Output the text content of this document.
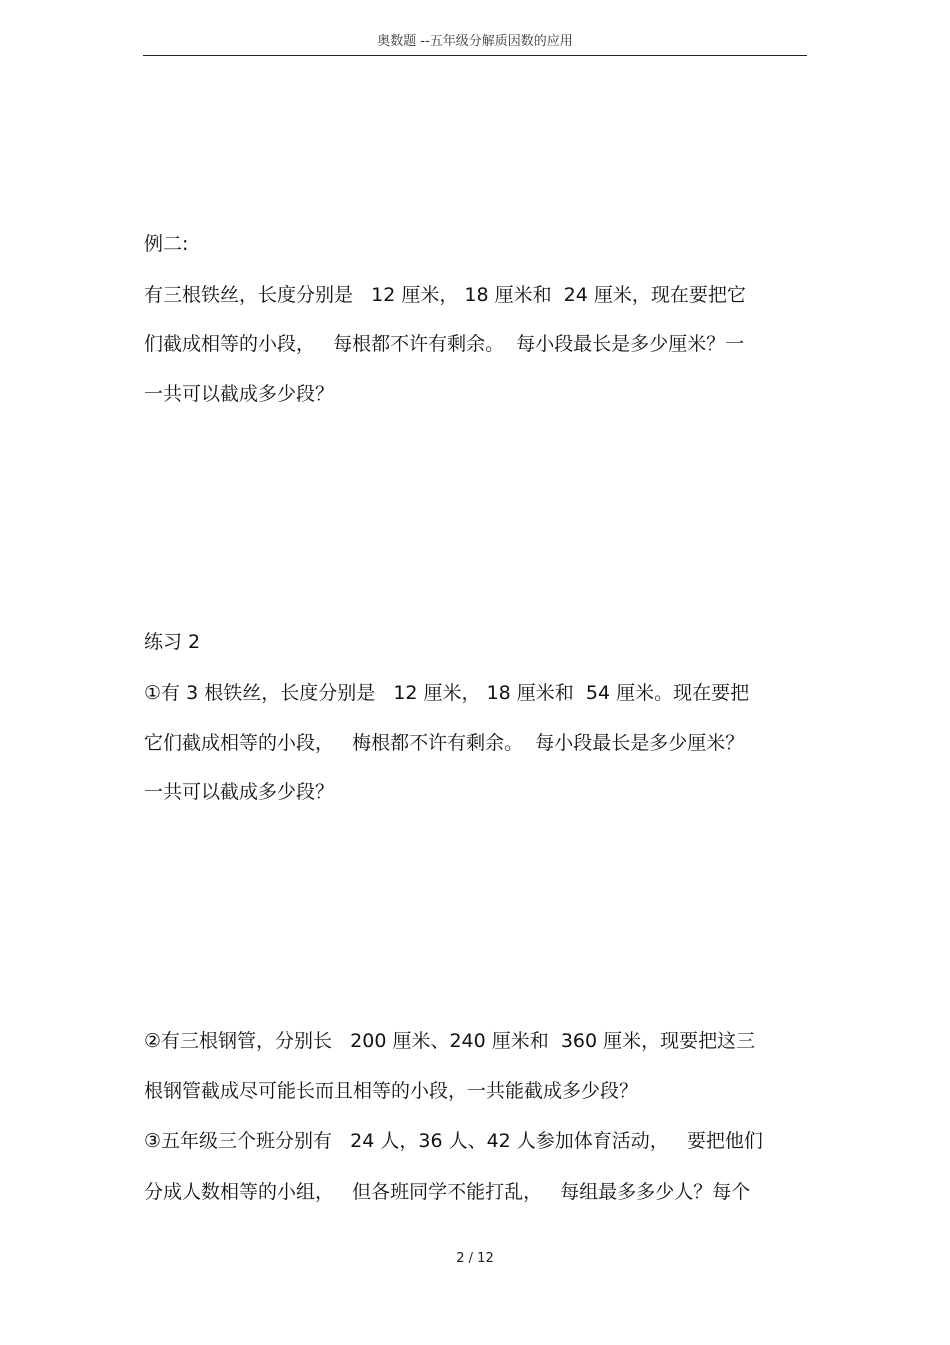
奥数题 --五年级分解质因数的应用
例二:
有三根铁丝，长度分别是   12 厘米， 18 厘米和  24 厘米，现在要把它
们截成相等的小段，   每根都不许有剩余。  每小段最长是多少厘米？一
一共可以截成多少段？
练习 2
①有 3 根铁丝，长度分别是   12 厘米， 18 厘米和  54 厘米。现在要把
它们截成相等的小段，   梅根都不许有剩余。  每小段最长是多少厘米？
一共可以截成多少段？
②有三根钢管，分别长   200 厘米、240 厘米和  360 厘米，现要把这三
根钢管截成尽可能长而且相等的小段，一共能截成多少段？
③五年级三个班分别有   24 人，36 人、42 人参加体育活动，   要把他们
分成人数相等的小组，   但各班同学不能打乱，   每组最多多少人？每个
2 / 12
